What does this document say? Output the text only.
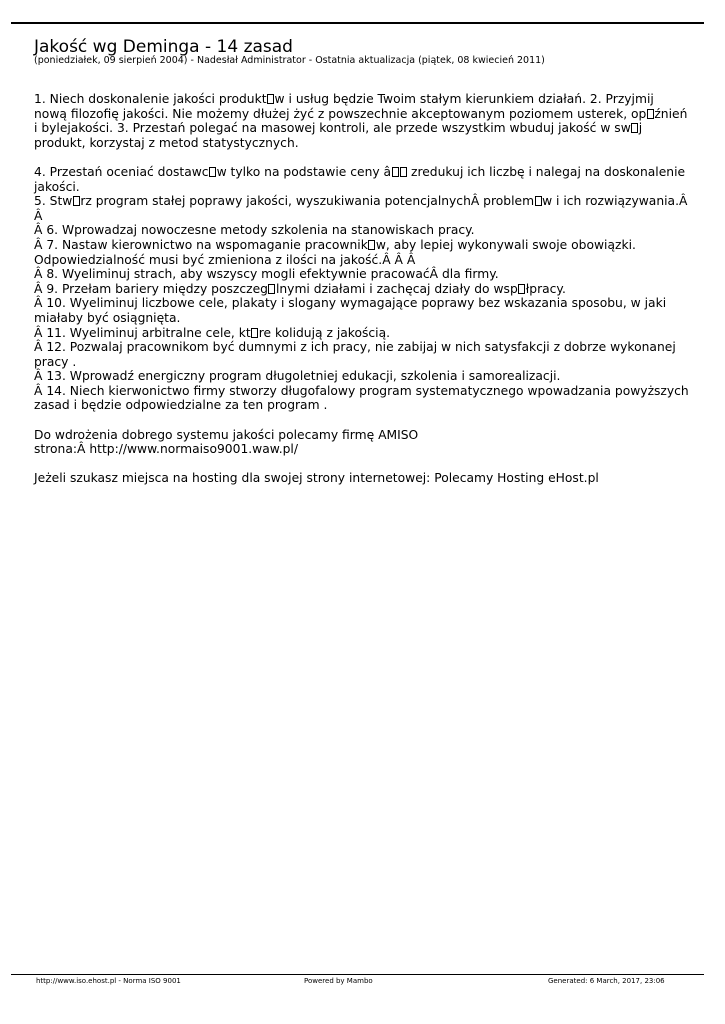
Jakość wg Deminga - 14 zasad
(poniedziałek, 09 sierpień 2004) - Nadesłał Administrator - Ostatnia aktualizacja (piątek, 08 kwiecień 2011)

1. Niech doskonalenie jakości produkt w i usług będzie Twoim stałym kierunkiem działań. 2. Przyjmij nową filozofię jakości. Nie możemy dłużej żyć z powszechnie akceptowanym poziomem usterek, op źnień i bylejakości. 3. Przestań polegać na masowej kontroli, ale przede wszystkim wbuduj jakość w sw j produkt, korzystaj z metod statystycznych.

4. Przestań oceniać dostawc w tylko na podstawie ceny â zredukuj ich liczbę i nalegaj na doskonalenie jakości.

5. Stw rz program stałej poprawy jakości, wyszukiwania potencjalnychÂ problem w i ich rozwiązywania.Â Â

Â 6. Wprowadzaj nowoczesne metody szkolenia na stanowiskach pracy.

Â 7. Nastaw kierownictwo na wspomaganie pracownik w, aby lepiej wykonywali swoje obowiązki. Odpowiedzialność musi być zmieniona z ilości na jakość.Â Â Â

Â 8. Wyeliminuj strach, aby wszyscy mogli efektywnie pracowaćÂ dla firmy.

Â 9. Przełam bariery między poszczeg lnymi działami i zachęcaj działy do wsp łpracy.

Â 10. Wyeliminuj liczbowe cele, plakaty i slogany wymagające poprawy bez wskazania sposobu, w jaki miałaby być osiągnięta.

Â 11. Wyeliminuj arbitralne cele, kt re kolidują z jakością.

Â 12. Pozwalaj pracownikom być dumnymi z ich pracy, nie zabijaj w nich satysfakcji z dobrze wykonanej pracy .

Â 13. Wprowadź energiczny program długoletniej edukacji, szkolenia i samorealizacji.

Â 14. Niech kierwonictwo firmy stworzy długofalowy program systematycznego wpowadzania powyższych zasad i będzie odpowiedzialne za ten program .

Do wdrożenia dobrego systemu jakości polecamy firmę AMISO

strona:Â http://www.normaiso9001.waw.pl/

Jeżeli szukasz miejsca na hosting dla swojej strony internetowej: Polecamy Hosting eHost.pl

http://www.iso.ehost.pl - Norma ISO 9001	Powered by Mambo	Generated: 6 March, 2017, 23:06
